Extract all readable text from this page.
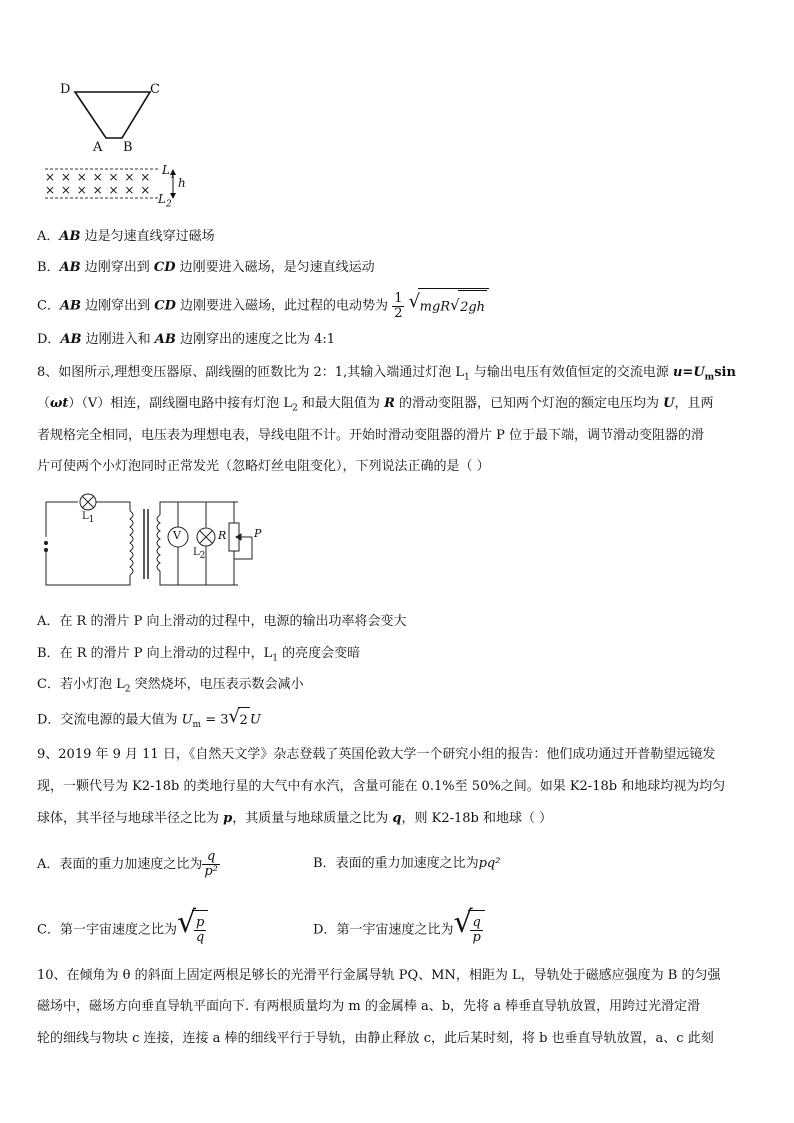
D	C
A B
$L_1$
$L_2$
h
× × × × × × ×
× × × × × × ×
A．AB 边是匀速直线穿过磁场
B．AB 边刚穿出到 CD 边刚要进入磁场，是匀速直线运动
C．AB 边刚穿出到 CD 边刚要进入磁场，此过程的电动势为 $\frac{1}{2}$
√ mgR √ 2gh
D．AB 边刚进入和 AB 边刚穿出的速度之比为 4:1
8、如图所示,理想变压器原、副线圈的匝数比为 2：1,其输入端通过灯泡 $L_1$ 与输出电压有效值恒定的交流电源 $u=U_m\sin$
（ωt）（V）相连，副线圈电路中接有灯泡 $L_2$ 和最大阻值为 R 的滑动变阻器，已知两个灯泡的额定电压均为 U，且两
者规格完全相同，电压表为理想电表，导线电阻不计。开始时滑动变阻器的滑片 P 位于最下端，调节滑动变阻器的滑
片可使两个小灯泡同时正常发光（忽略灯丝电阻变化），下列说法正确的是（ ）
$L_1$
V
$L_2$
R	P
A．在 R 的滑片 P 向上滑动的过程中，电源的输出功率将会变大
B．在 R 的滑片 P 向上滑动的过程中，$L_1$ 的亮度会变暗
C．若小灯泡 $L_2$ 突然烧坏，电压表示数会减小
D．交流电源的最大值为 $U_m = 3$ √ 2 U
9、2019 年 9 月 11 日，《自然天文学》杂志登载了英国伦敦大学一个研究小组的报告：他们成功通过开普勒望远镜发
现，一颗代号为 K2-18b 的类地行星的大气中有水汽，含量可能在 0.1%至 50%之间。如果 K2-18b 和地球均视为均匀
球体，其半径与地球半径之比为 p，其质量与地球质量之比为 q，则 K2-18b 和地球（ ）
A．表面的重力加速度之比为 $\frac{q}{\text{p²}}$	B．表面的重力加速度之比为pq²
C．第一宇宙速度之比为 √
$\frac{p}{q}$	D．第一宇宙速度之比为 √
$\frac{q}{p}$
10、在倾角为 θ 的斜面上固定两根足够长的光滑平行金属导轨 PQ、MN，相距为 L，导轨处于磁感应强度为 B 的匀强
磁场中，磁场方向垂直导轨平面向下. 有两根质量均为 m 的金属棒 a、b，先将 a 棒垂直导轨放置，用跨过光滑定滑
轮的细线与物块 c 连接，连接 a 棒的细线平行于导轨，由静止释放 c，此后某时刻，将 b 也垂直导轨放置，a、c 此刻
